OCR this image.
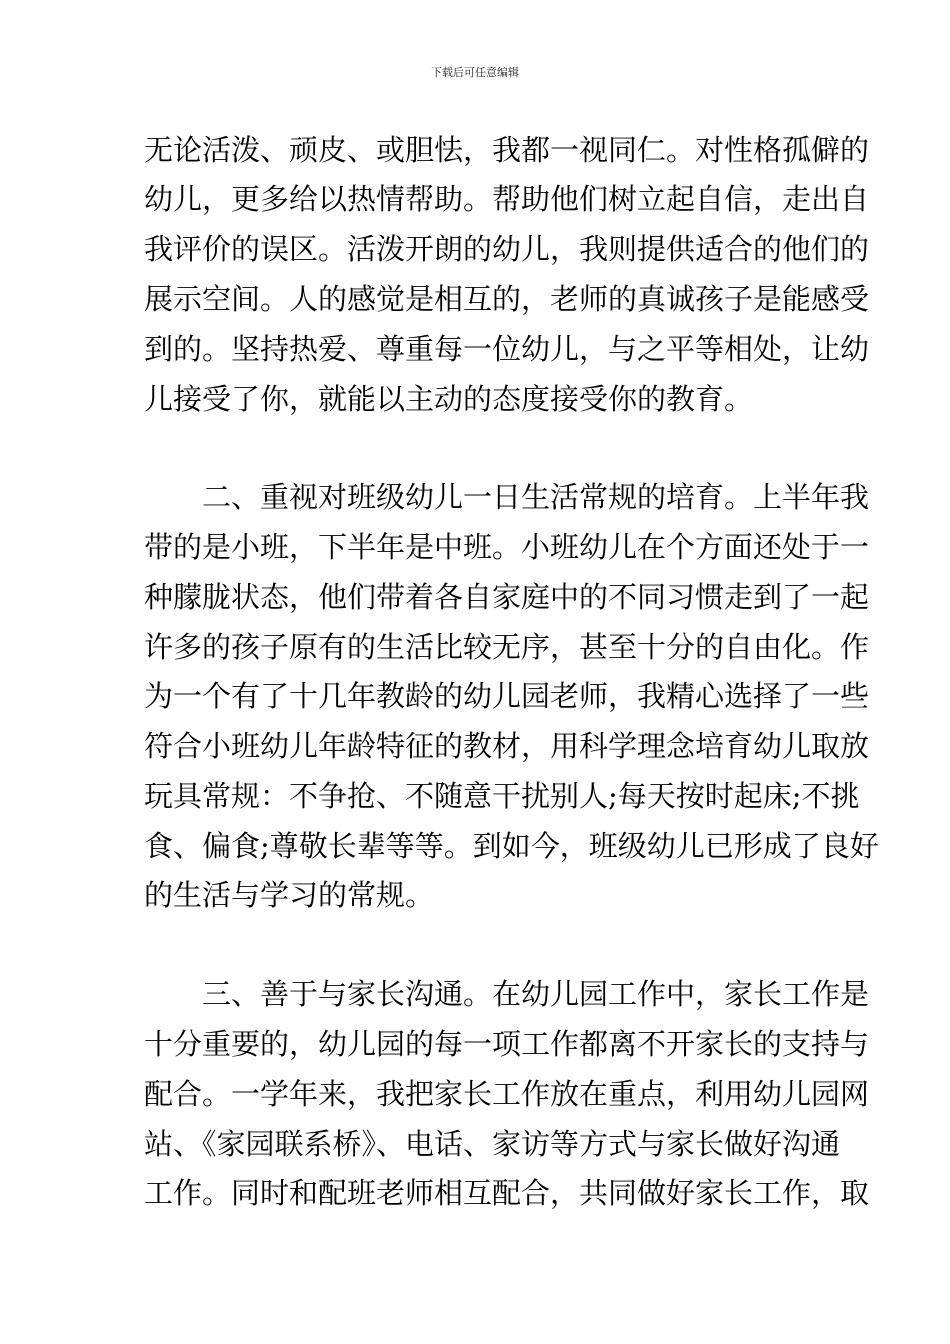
下载后可任意编辑
无论活泼、顽皮、或胆怯，我都一视同仁。对性格孤僻的
幼儿，更多给以热情帮助。帮助他们树立起自信，走出自
我评价的误区。活泼开朗的幼儿，我则提供适合的他们的
展示空间。人的感觉是相互的，老师的真诚孩子是能感受
到的。坚持热爱、尊重每一位幼儿，与之平等相处，让幼
儿接受了你，就能以主动的态度接受你的教育。
二、重视对班级幼儿一日生活常规的培育。上半年我
带的是小班，下半年是中班。小班幼儿在个方面还处于一
种朦胧状态，他们带着各自家庭中的不同习惯走到了一起
许多的孩子原有的生活比较无序，甚至十分的自由化。作
为一个有了十几年教龄的幼儿园老师，我精心选择了一些
符合小班幼儿年龄特征的教材，用科学理念培育幼儿取放
玩具常规：不争抢、不随意干扰别人;每天按时起床;不挑
食、偏食;尊敬长辈等等。到如今，班级幼儿已形成了良好
的生活与学习的常规。
三、善于与家长沟通。在幼儿园工作中，家长工作是
十分重要的，幼儿园的每一项工作都离不开家长的支持与
配合。一学年来，我把家长工作放在重点，利用幼儿园网
站、《家园联系桥》、电话、家访等方式与家长做好沟通
工作。同时和配班老师相互配合，共同做好家长工作，取
